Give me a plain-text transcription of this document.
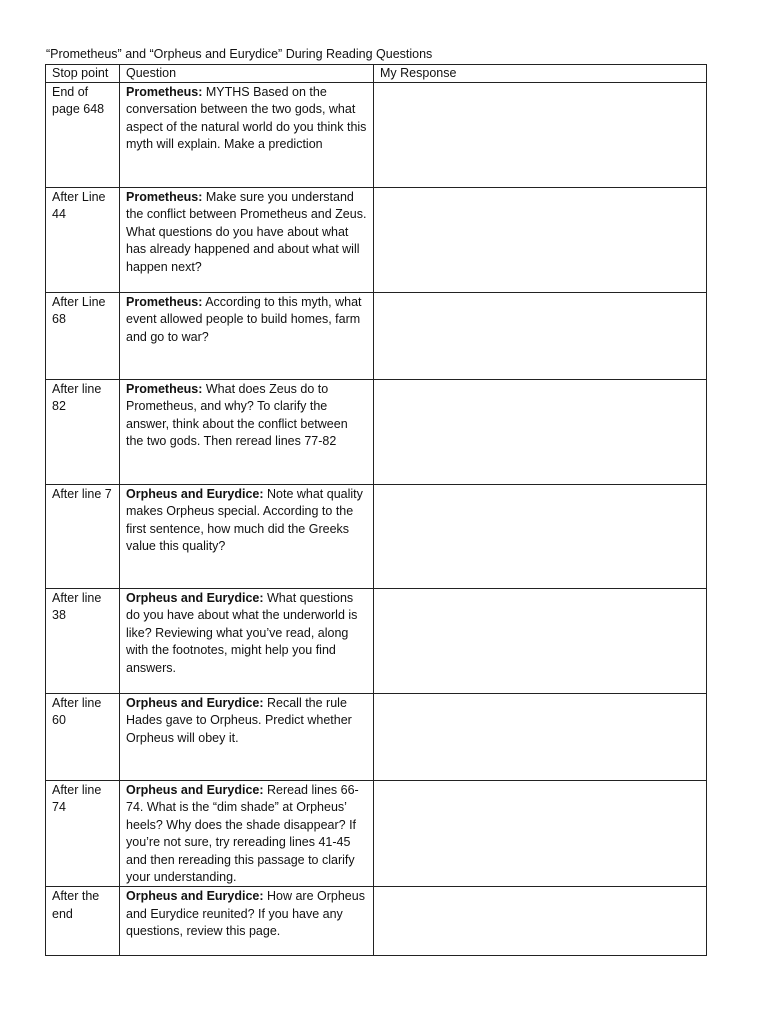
“Prometheus” and “Orpheus and Eurydice” During Reading Questions
Stop point	Question	My Response
End of page 648	Prometheus: MYTHS Based on the conversation between the two gods, what aspect of the natural world do you think this myth will explain. Make a prediction	
After Line 44	Prometheus: Make sure you understand the conflict between Prometheus and Zeus. What questions do you have about what has already happened and about what will happen next?	
After Line 68	Prometheus: According to this myth, what event allowed people to build homes, farm and go to war?	
After line 82	Prometheus: What does Zeus do to Prometheus, and why? To clarify the answer, think about the conflict between the two gods. Then reread lines 77-82	
After line 7	Orpheus and Eurydice: Note what quality makes Orpheus special. According to the first sentence, how much did the Greeks value this quality?	
After line 38	Orpheus and Eurydice: What questions do you have about what the underworld is like? Reviewing what you’ve read, along with the footnotes, might help you find answers.	
After line 60	Orpheus and Eurydice: Recall the rule Hades gave to Orpheus. Predict whether Orpheus will obey it.	
After line 74	Orpheus and Eurydice: Reread lines 66-74. What is the “dim shade” at Orpheus’ heels? Why does the shade disappear? If you’re not sure, try rereading lines 41-45 and then rereading this passage to clarify your understanding.	
After the end	Orpheus and Eurydice: How are Orpheus and Eurydice reunited? If you have any questions, review this page.	
